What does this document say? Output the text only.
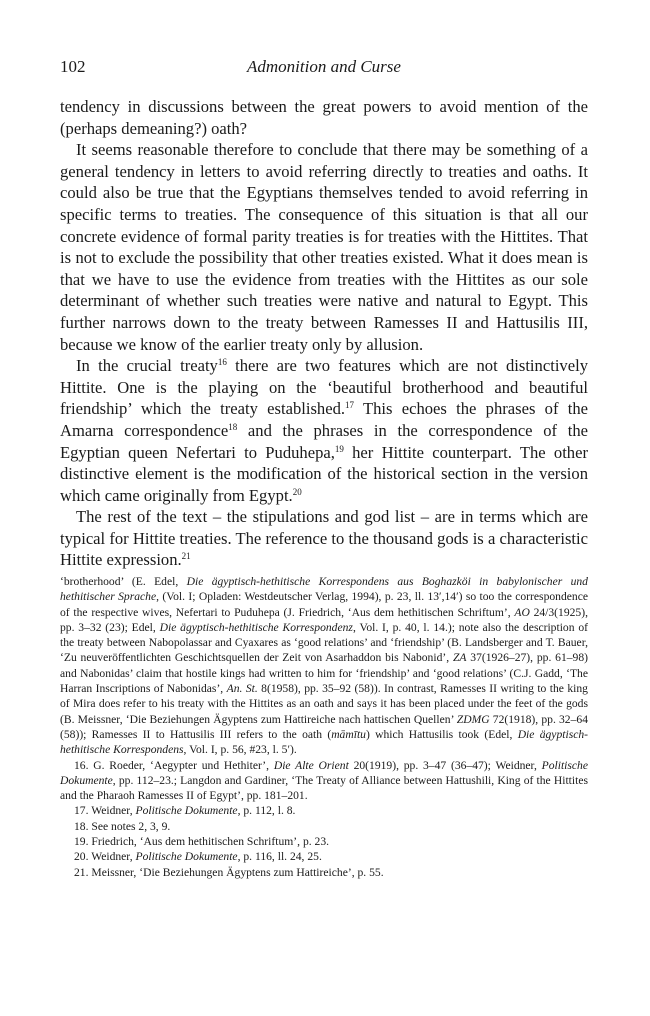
102	Admonition and Curse

tendency in discussions between the great powers to avoid mention of the (perhaps demeaning?) oath?

It seems reasonable therefore to conclude that there may be something of a general tendency in letters to avoid referring directly to treaties and oaths. It could also be true that the Egyptians themselves tended to avoid referring in specific terms to treaties. The consequence of this situation is that all our concrete evidence of formal parity treaties is for treaties with the Hittites. That is not to exclude the possibility that other treaties existed. What it does mean is that we have to use the evidence from treaties with the Hittites as our sole determinant of whether such treaties were native and natural to Egypt. This further narrows down to the treaty between Ramesses II and Hattusilis III, because we know of the earlier treaty only by allusion.

In the crucial treaty$^{16}$ there are two features which are not distinctively Hittite. One is the playing on the ‘beautiful brotherhood and beautiful friendship’ which the treaty established.$^{17}$ This echoes the phrases of the Amarna correspondence$^{18}$ and the phrases in the correspondence of the Egyptian queen Nefertari to Puduhepa,$^{19}$ her Hittite counterpart. The other distinctive element is the modification of the historical section in the version which came originally from Egypt.$^{20}$

The rest of the text – the stipulations and god list – are in terms which are typical for Hittite treaties. The reference to the thousand gods is a characteristic Hittite expression.$^{21}$

‘brotherhood’ (E. Edel, Die ägyptisch-hethitische Korrespondens aus Boghazköi in babylonischer und hethitischer Sprache, (Vol. I; Opladen: Westdeutscher Verlag, 1994), p. 23, ll. 13′,14′) so too the correspondence of the respective wives, Nefertari to Puduhepa (J. Friedrich, ‘Aus dem hethitischen Schriftum’, AO 24/3(1925), pp. 3–32 (23); Edel, Die ägyptisch-hethitische Korrespondenz, Vol. I, p. 40, l. 14.); note also the description of the treaty between Nabopolassar and Cyaxares as ‘good relations’ and ‘friendship’ (B. Landsberger and T. Bauer, ‘Zu neuveröffentlichten Geschichtsquellen der Zeit von Asarhaddon bis Nabonid’, ZA 37(1926–27), pp. 61–98) and Nabonidas’ claim that hostile kings had written to him for ‘friendship’ and ‘good relations’ (C.J. Gadd, ‘The Harran Inscriptions of Nabonidas’, An. St. 8(1958), pp. 35–92 (58)). In contrast, Ramesses II writing to the king of Mira does refer to his treaty with the Hittites as an oath and says it has been placed under the feet of the gods (B. Meissner, ‘Die Beziehungen Ägyptens zum Hattireiche nach hattischen Quellen’ ZDMG 72(1918), pp. 32–64 (58)); Ramesses II to Hattusilis III refers to the oath (māmītu) which Hattusilis took (Edel, Die ägyptisch-hethitische Korrespondens, Vol. I, p. 56, #23, l. 5′).

16. G. Roeder, ‘Aegypter und Hethiter’, Die Alte Orient 20(1919), pp. 3–47 (36–47); Weidner, Politische Dokumente, pp. 112–23.; Langdon and Gardiner, ‘The Treaty of Alliance between Hattushili, King of the Hittites and the Pharaoh Ramesses II of Egypt’, pp. 181–201.

17. Weidner, Politische Dokumente, p. 112, l. 8.

18. See notes 2, 3, 9.

19. Friedrich, ‘Aus dem hethitischen Schriftum’, p. 23.

20. Weidner, Politische Dokumente, p. 116, ll. 24, 25.

21. Meissner, ‘Die Beziehungen Ägyptens zum Hattireiche’, p. 55.
